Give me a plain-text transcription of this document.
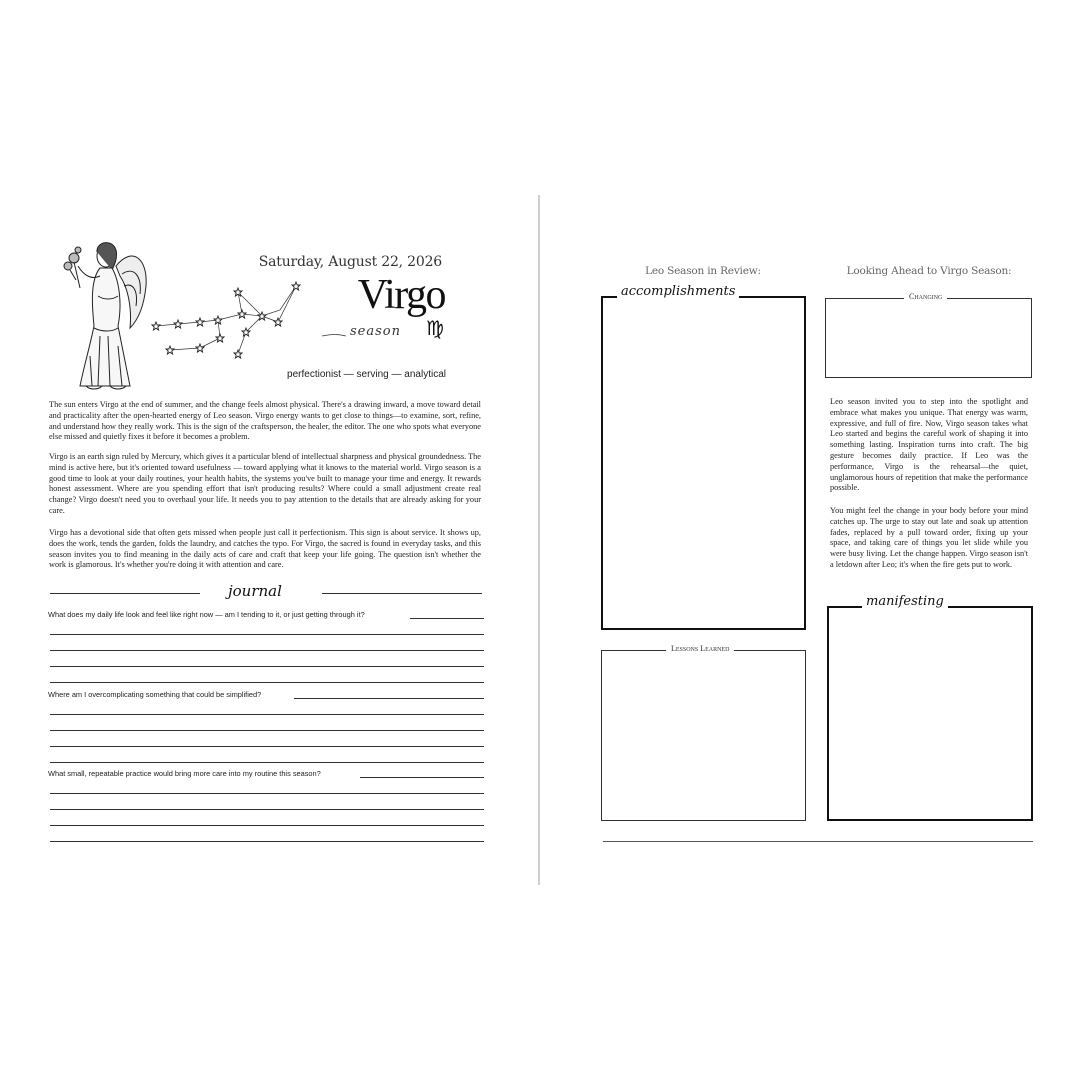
Saturday, August 22, 2026
Virgo
season ♍
perfectionist — serving — analytical

The sun enters Virgo at the end of summer, and the change feels almost physical. There's a drawing inward, a move toward detail and practicality after the open-hearted energy of Leo season. Virgo energy wants to get close to things—to examine, sort, refine, and understand how they really work. This is the sign of the craftsperson, the healer, the editor. The one who spots what everyone else missed and quietly fixes it before it becomes a problem.

Virgo is an earth sign ruled by Mercury, which gives it a particular blend of intellectual sharpness and physical groundedness. The mind is active here, but it's oriented toward usefulness — toward applying what it knows to the material world. Virgo season is a good time to look at your daily routines, your health habits, the systems you've built to manage your time and energy. It rewards honest assessment. Where are you spending effort that isn't producing results? Where could a small adjustment create real change? Virgo doesn't need you to overhaul your life. It needs you to pay attention to the details that are already asking for your care.

Virgo has a devotional side that often gets missed when people just call it perfectionism. This sign is about service. It shows up, does the work, tends the garden, folds the laundry, and catches the typo. For Virgo, the sacred is found in everyday tasks, and this season invites you to find meaning in the daily acts of care and craft that keep your life going. The question isn't whether the work is glamorous. It's whether you're doing it with attention and care.

journal
What does my daily life look and feel like right now — am I tending to it, or just getting through it?
Where am I overcomplicating something that could be simplified?
What small, repeatable practice would bring more care into my routine this season?
Leo Season in Review:	Looking Ahead to Virgo Season:
accomplishments
Lessons Learned
Changing

Leo season invited you to step into the spotlight and embrace what makes you unique. That energy was warm, expressive, and full of fire. Now, Virgo season takes what Leo started and begins the careful work of shaping it into something lasting. Inspiration turns into craft. The big gesture becomes daily practice. If Leo was the performance, Virgo is the rehearsal—the quiet, unglamorous hours of repetition that make the performance possible.

You might feel the change in your body before your mind catches up. The urge to stay out late and soak up attention fades, replaced by a pull toward order, fixing up your space, and taking care of things you let slide while you were busy living. Let the change happen. Virgo season isn't a letdown after Leo; it's when the fire gets put to work.

manifesting
